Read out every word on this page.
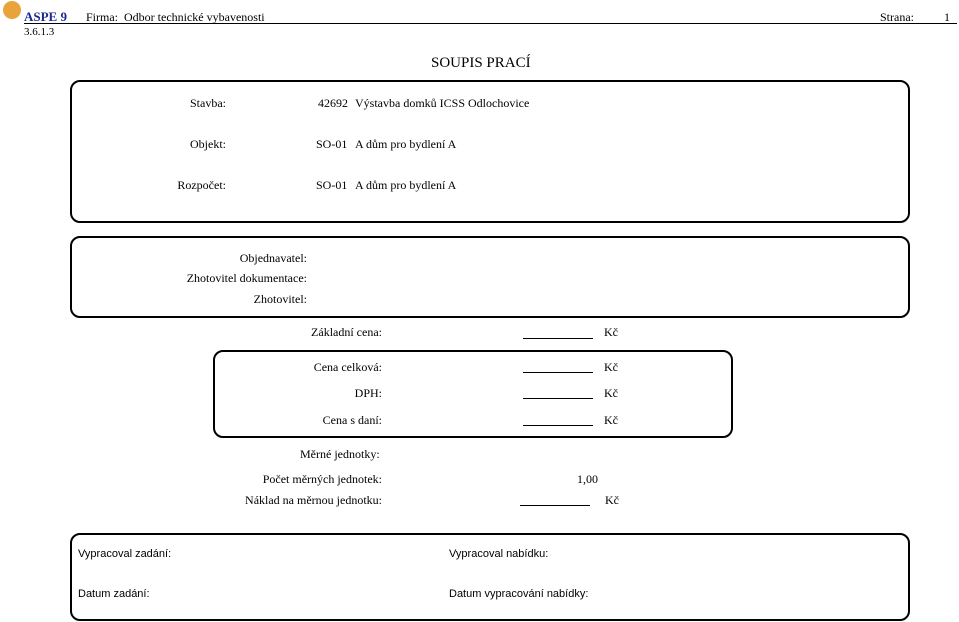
ASPE 9 Firma: Odbor technické vybavenosti	Strana:	1
3.6.1.3
SOUPIS PRACÍ
Stavba:	42692 Výstavba domků ICSS Odlochovice
Objekt:	SO-01 A dům pro bydlení A
Rozpočet:	SO-01 A dům pro bydlení A
Objednavatel:
Zhotovitel dokumentace:
Zhotovitel:
Základní cena:	Kč
Cena celková:	Kč
DPH:	Kč
Cena s daní:	Kč
Měrné jednotky:
Počet měrných jednotek:	1,00
Náklad na měrnou jednotku:	Kč
Vypracoval zadání:	Vypracoval nabídku:
Datum zadání:	Datum vypracování nabídky:
